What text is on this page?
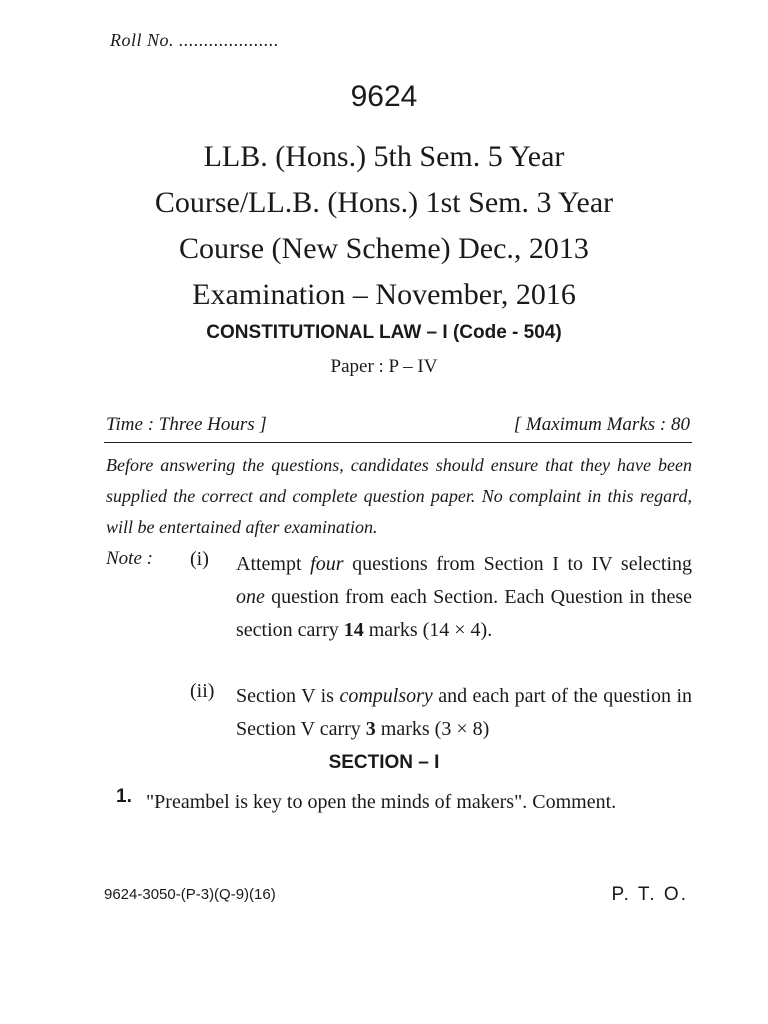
Roll No. ....................
9624
LLB. (Hons.) 5th Sem. 5 Year
Course/LL.B. (Hons.) 1st Sem. 3 Year
Course (New Scheme) Dec., 2013
Examination – November, 2016
CONSTITUTIONAL LAW – I (Code - 504)
Paper : P – IV
Time : Three Hours ]	[ Maximum Marks : 80
Before answering the questions, candidates should ensure that they have been supplied the correct and complete question paper. No complaint in this regard, will be entertained after examination.
Note : (i) Attempt four questions from Section I to IV selecting one question from each Section. Each Question in these section carry 14 marks (14 × 4).
(ii) Section V is compulsory and each part of the question in Section V carry 3 marks (3 × 8)
SECTION – I
1. "Preambel is key to open the minds of makers". Comment.
9624-3050-(P-3)(Q-9)(16)	P. T. O.
